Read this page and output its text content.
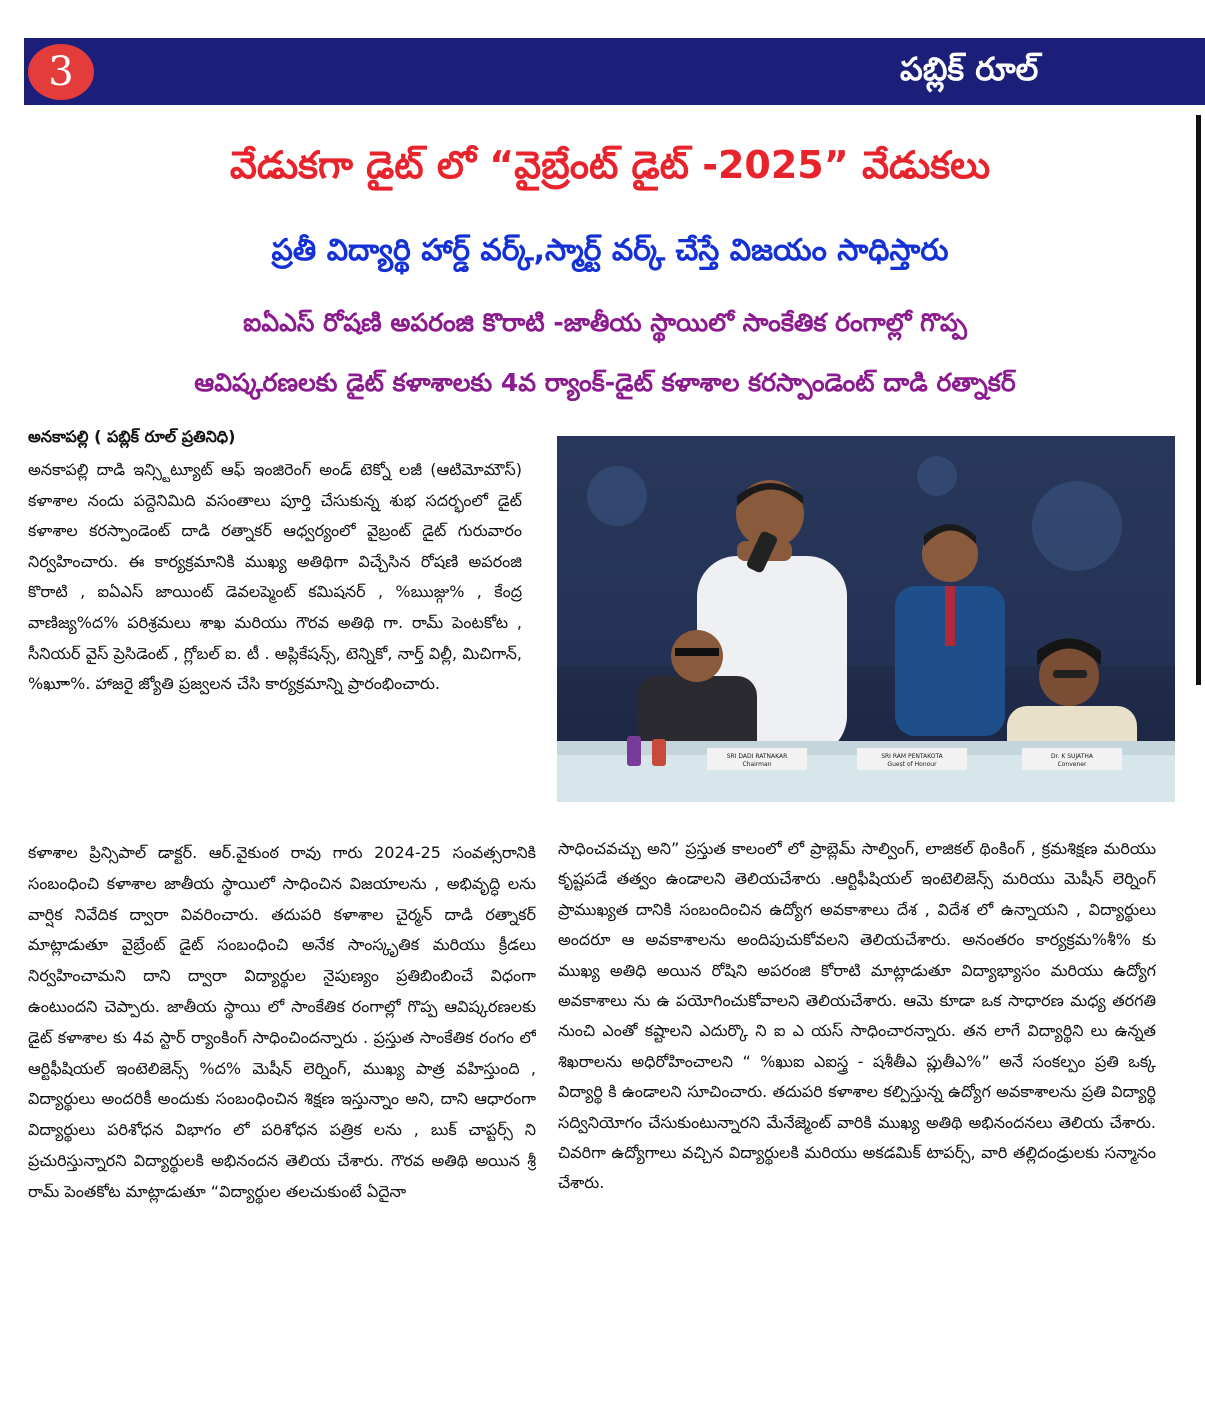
3	పబ్లిక్ రూల్
వేడుకగా డైట్ లో “వైబ్రేంట్ డైట్ -2025” వేడుకలు
ప్రతీ విద్యార్థి హార్డ్ వర్క్,స్మార్ట్ వర్క్ చేస్తే విజయం సాధిస్తారు
ఐఏఎస్ రోషణి అపరంజి కొరాటి -జాతీయ స్థాయిలో సాంకేతిక రంగాల్లో గొప్ప
ఆవిష్కరణలకు డైట్ కళాశాలకు 4వ ర్యాంక్-డైట్ కళాశాల కరస్పాండెంట్ దాడి రత్నాకర్
అనకాపల్లి ( పబ్లిక్ రూల్ ప్రతినిధి)

అనకాపల్లి దాడి ఇన్స్టిట్యూట్ ఆఫ్ ఇంజిరెంగ్ అండ్ టెక్నో లజీ (ఆటిమోమౌస్) కళాశాల నందు పద్దెనిమిది వసంతాలు పూర్తి చేసుకున్న శుభ సదర్భంలో డైట్ కళాశాల కరస్పాండెంట్ దాడి రత్నాకర్ ఆధ్వర్యంలో వైబ్రంట్ డైట్ గురువారం నిర్వహించారు. ఈ కార్యక్రమానికి ముఖ్య అతిథిగా విచ్చేసిన రోషణి అపరంజి కొరాటి , ఐఏఎస్ జాయింట్ డెవలప్మెంట్ కమిషనర్ , %ఋజ్గు% , కేంద్ర వాణిజ్య%ద% పరిశ్రమలు శాఖ మరియు గౌరవ అతిథి గా. రామ్ పెంటకోట , సీనియర్ వైస్ ప్రెసిడెంట్ , గ్లోబల్ ఐ. టీ . అప్లికేషన్స్, టెన్నికో, నార్త్ విల్లీ, మిచిగాన్, %ఖూా%. హాజరై జ్యోతి ప్రజ్వలన చేసి కార్యక్రమాన్ని ప్రారంభించారు.

SRI DADI RATNAKAR
Chairman
SRI RAM PENTAKOTA
Guest of Honour
Dr. K SUJATHA
Convener

కళాశాల ప్రిన్సిపాల్ డాక్టర్. ఆర్.వైకుంఠ రావు గారు 2024-25 సంవత్సరానికి సంబంధించి కళాశాల జాతీయ స్థాయిలో సాధించిన విజయాలను , అభివృద్ధి లను వార్షిక నివేదిక ద్వారా వివరించారు. తదుపరి కళాశాల చైర్మన్ దాడి రత్నాకర్ మాట్లాడుతూ వైబ్రేంట్ డైట్ సంబంధించి అనేక సాంస్కృతిక మరియు క్రీడలు నిర్వహించామని దాని ద్వారా విద్యార్థుల నైపుణ్యం ప్రతిబింబించే విధంగా ఉంటుందని చెప్పారు. జాతీయ స్థాయి లో సాంకేతిక రంగాల్లో గొప్ప ఆవిష్కరణలకు డైట్ కళాశాల కు 4వ స్టార్ ర్యాంకింగ్ సాధించిందన్నారు . ప్రస్తుత సాంకేతిక రంగం లో ఆర్టిఫీషియల్ ఇంటెలిజెన్స్ %ద% మెషీన్ లెర్నింగ్, ముఖ్య పాత్ర వహిస్తుంది , విద్యార్థులు అందరికీ అందుకు సంబంధించిన శిక్షణ ఇస్తున్నాం అని, దాని ఆధారంగా విద్యార్థులు పరిశోధన విభాగం లో పరిశోధన పత్రిక లను , బుక్ చాప్టర్స్ ని ప్రచురిస్తున్నారని విద్యార్థులకి అభినందన తెలియ చేశారు. గౌరవ అతిథి అయిన శ్రీ రామ్ పెంతకోట మాట్లాడుతూ “విద్యార్థుల తలచుకుంటే ఏదైనా

సాధించవచ్చు అని” ప్రస్తుత కాలంలో లో ప్రాబ్లెమ్ సాల్వింగ్, లాజికల్ థింకింగ్ , క్రమశిక్షణ మరియు కృష్టపడే తత్వం ఉండాలని తెలియచేశారు .ఆర్టిఫీషియల్ ఇంటెలిజెన్స్ మరియు మెషీన్ లెర్నింగ్ ప్రాముఖ్యత దానికి సంబందించిన ఉద్యోగ అవకాశాలు దేశ , విదేశ లో ఉన్నాయని , విద్యార్థులు అందరూ ఆ అవకాశాలను అందిపుచుకోవలని తెలియచేశారు. అనంతరం కార్యక్రమ%శీ% కు ముఖ్య అతిధి అయిన రోషిని అపరంజి కోరాటి మాట్లాడుతూ విద్యాభ్యాసం మరియు ఉద్యోగ అవకాశాలు ను ఉ పయోగించుకోవాలని తెలియచేశారు. ఆమె కూడా ఒక సాధారణ మధ్య తరగతి నుంచి ఎంతో కష్టాలని ఎదుర్కొ ని ఐ ఎ యస్ సాధించారన్నారు. తన లాగే విద్యార్థిని లు ఉన్నత శిఖరాలను అధిరోహించాలని “ %ఖుఐ ఎఐస్త్ర - షశీతీఎ ప్లుతీఎ%” అనే సంకల్పం ప్రతి ఒక్క విద్యార్థి కి ఉండాలని సూచించారు. తదుపరి కళాశాల కల్పిస్తున్న ఉద్యోగ అవకాశాలను ప్రతి విద్యార్థి సద్వినియోగం చేసుకుంటున్నారని మేనేజ్మెంట్ వారికి ముఖ్య అతిథి అభినందనలు తెలియ చేశారు. చివరిగా ఉద్యోగాలు వచ్చిన విద్యార్థులకి మరియు అకడమిక్ టాపర్స్, వారి తల్లిదండ్రులకు సన్మానం చేశారు.
